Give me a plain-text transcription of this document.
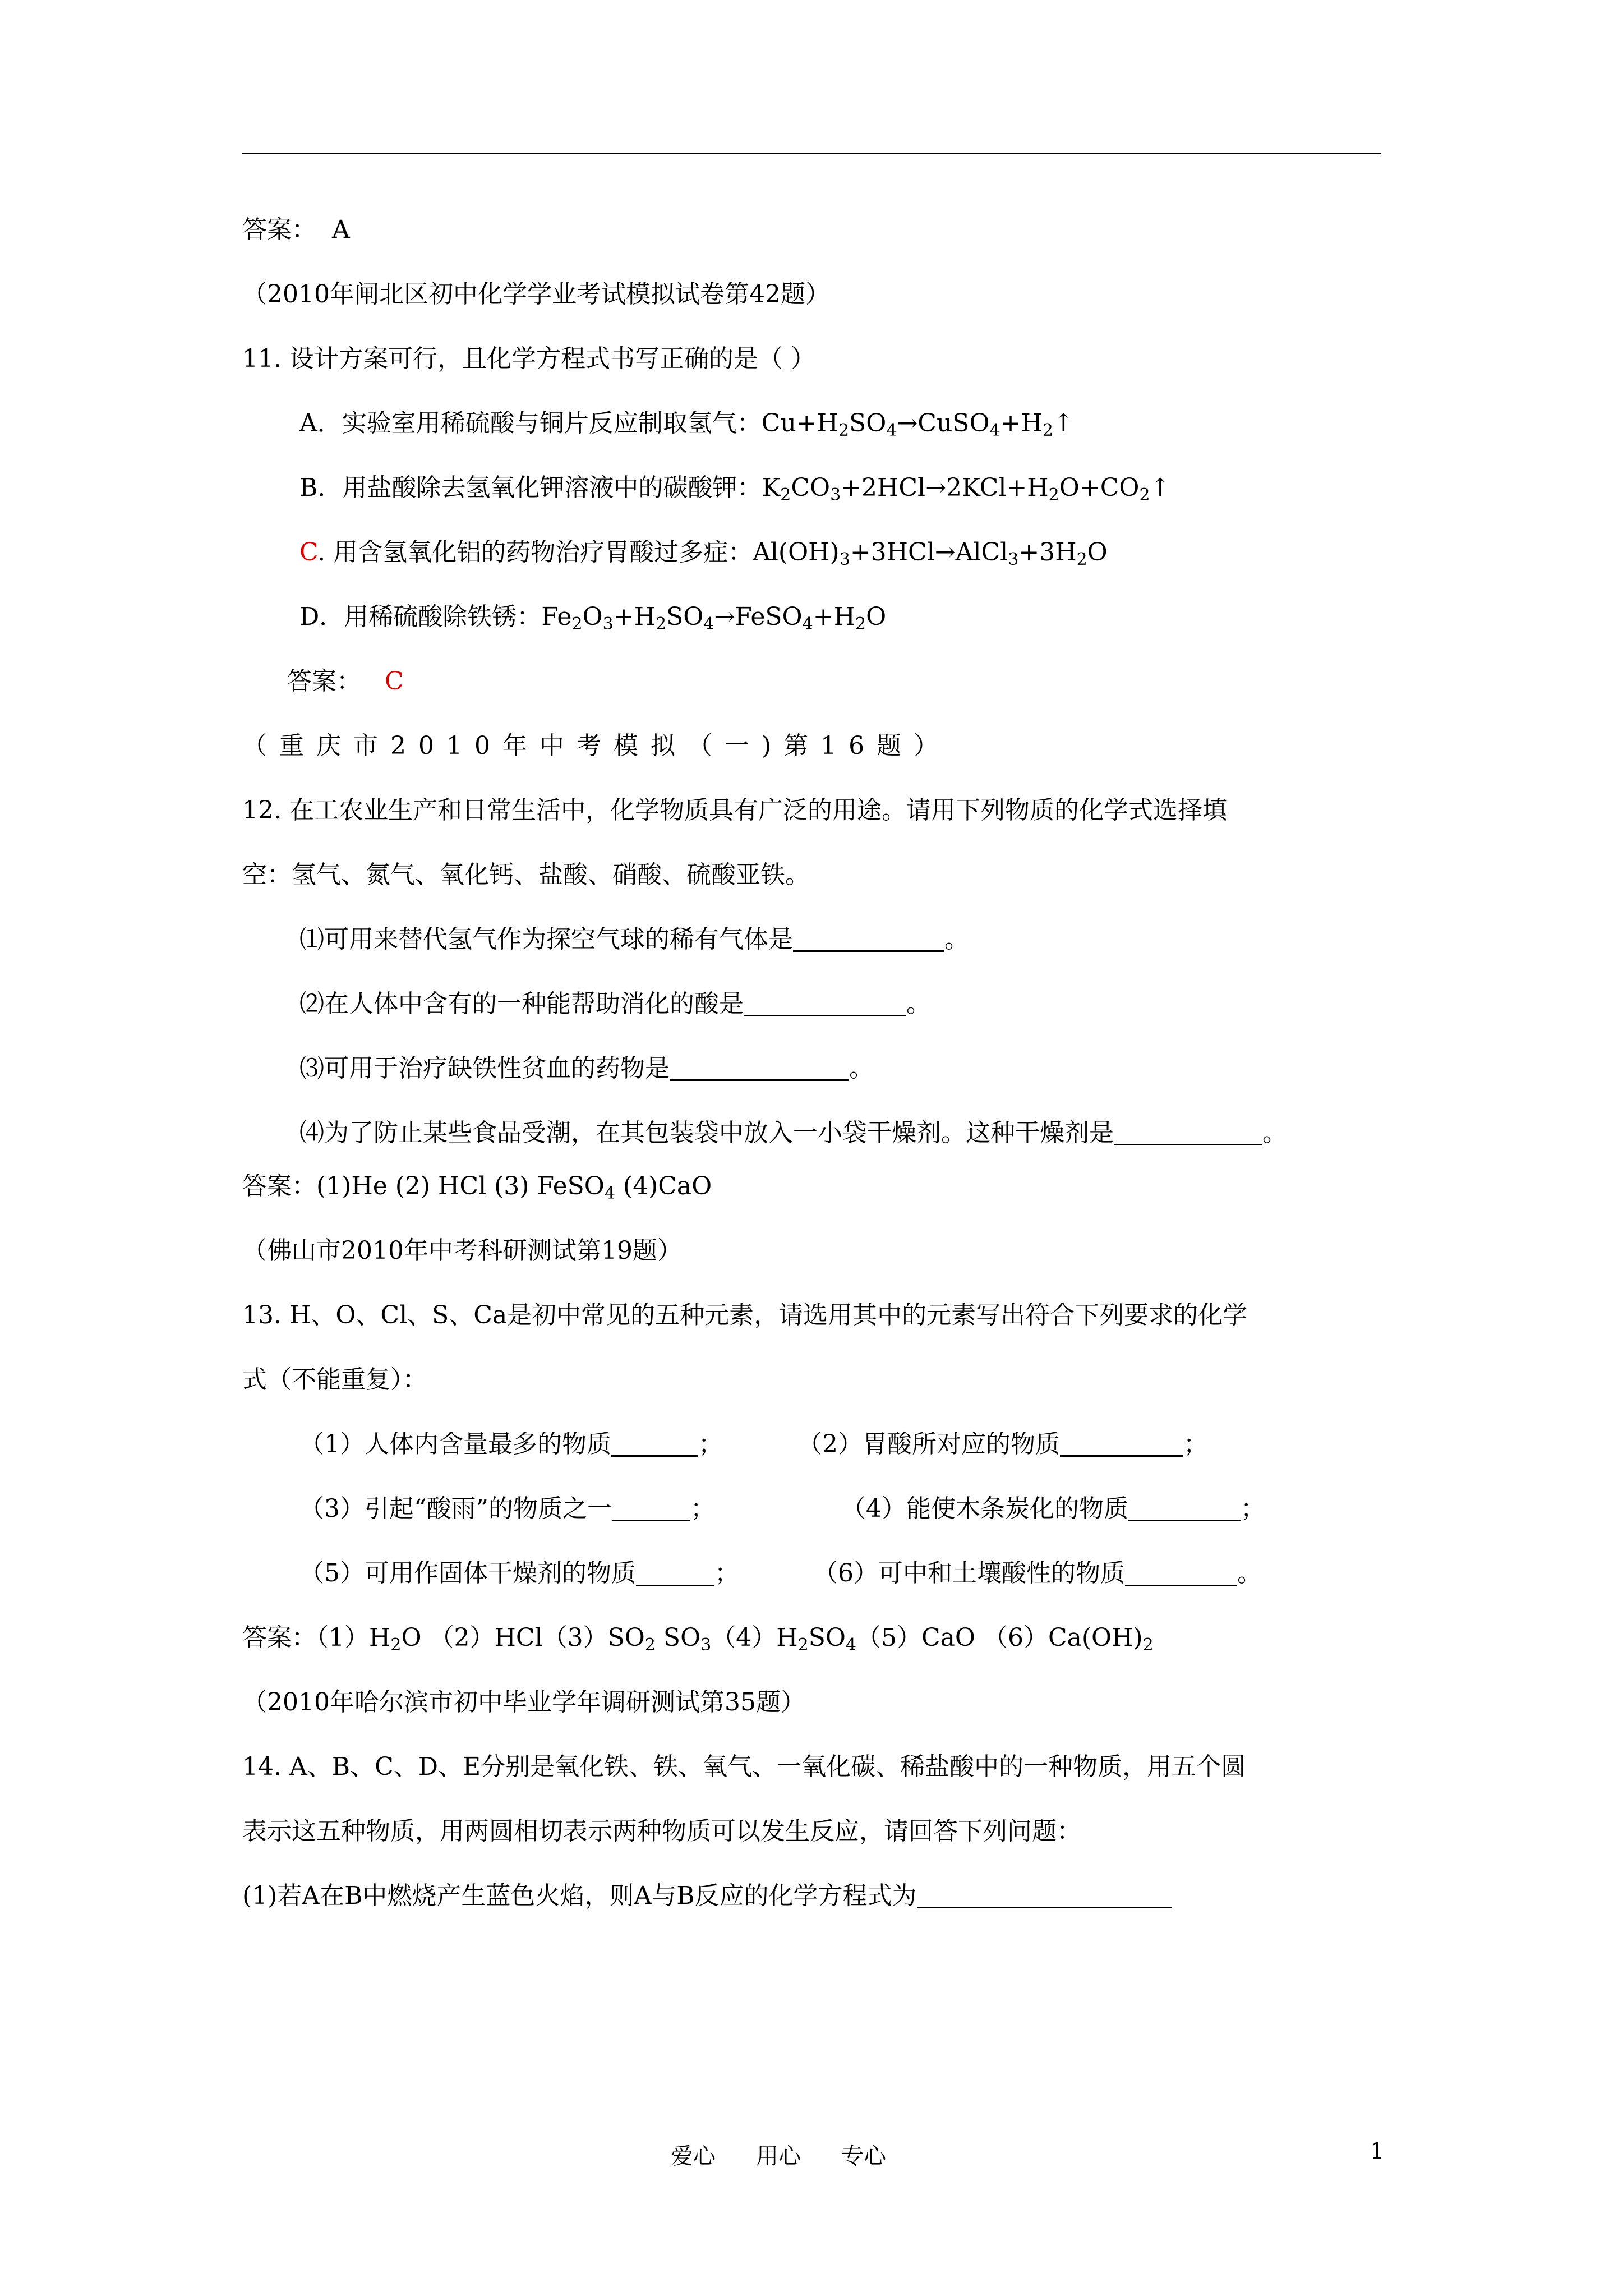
答案： A
（2010年闸北区初中化学学业考试模拟试卷第42题）
11. 设计方案可行，且化学方程式书写正确的是（ ）
A．实验室用稀硫酸与铜片反应制取氢气：$Cu+H_2SO_4\to CuSO_4+H_2↑$
B．用盐酸除去氢氧化钾溶液中的碳酸钾：$K_2CO_3+2HCl\to 2KCl+H_2O+CO_2↑$
C. 用含氢氧化铝的药物治疗胃酸过多症：$Al(OH)_3+3HCl\to AlCl_3+3H_2O$
D．用稀硫酸除铁锈：$Fe_2O_3+H_2SO_4\to FeSO_4+H_2O$
答案： C
（重庆市2010年中考模拟（一)第16题）
12. 在工农业生产和日常生活中，化学物质具有广泛的用途。请用下列物质的化学式选择填
空：氢气、氮气、氧化钙、盐酸、硝酸、硫酸亚铁。
⑴可用来替代氢气作为探空气球的稀有气体是	。
⑵在人体中含有的一种能帮助消化的酸是	。
⑶可用于治疗缺铁性贫血的药物是	。
⑷为了防止某些食品受潮，在其包装袋中放入一小袋干燥剂。这种干燥剂是	。
答案：(1)He (2) HCl (3) FeSO$_4$ (4)CaO
（佛山市2010年中考科研测试第19题）
13. H、O、Cl、S、Ca是初中常见的五种元素，请选用其中的元素写出符合下列要求的化学
式（不能重复）：
（1）人体内含量最多的物质	；	（2）胃酸所对应的物质	；
（3）引起“酸雨”的物质之一	；	（4）能使木条炭化的物质	；
（5）可用作固体干燥剂的物质	；	（6）可中和土壤酸性的物质	。
答案：$(1)H_2O$ $(2)HCl(3)SO_2$ $SO_3(4)H_2SO_4(5)CaO$ $(6)Ca(OH)_2$
（2010年哈尔滨市初中毕业学年调研测试第35题）
14. A、B、C、D、E分别是氧化铁、铁、氧气、一氧化碳、稀盐酸中的一种物质，用五个圆
表示这五种物质，用两圆相切表示两种物质可以发生反应，请回答下列问题：
(1)若A在B中燃烧产生蓝色火焰，则A与B反应的化学方程式为
爱心 用心 专心	1
